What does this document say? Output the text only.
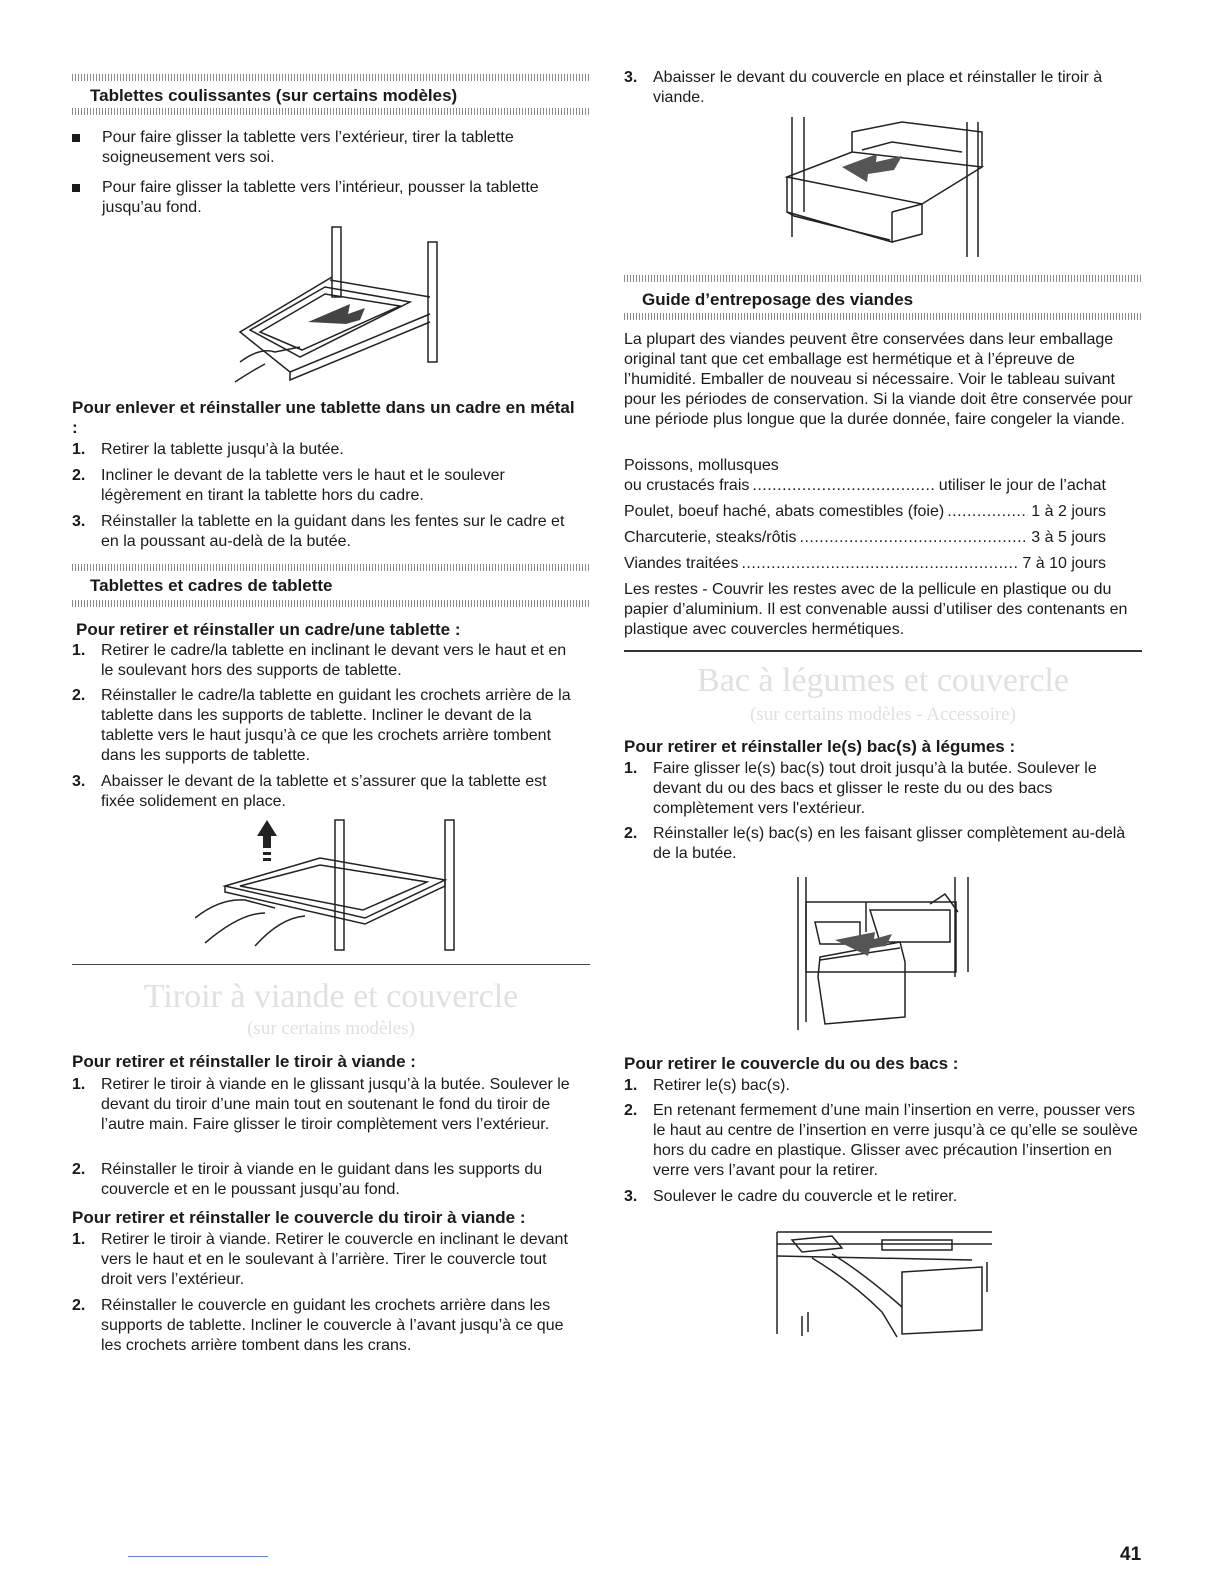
Tablettes coulissantes (sur certains modèles)
Pour faire glisser la tablette vers l’extérieur, tirer la tablette soigneusement vers soi.
Pour faire glisser la tablette vers l’intérieur, pousser la tablette jusqu’au fond.
Pour enlever et réinstaller une tablette dans un cadre en métal :
1. Retirer la tablette jusqu’à la butée.
2. Incliner le devant de la tablette vers le haut et le soulever légèrement en tirant la tablette hors du cadre.
3. Réinstaller la tablette en la guidant dans les fentes sur le cadre et en la poussant au-delà de la butée.
Tablettes et cadres de tablette
Pour retirer et réinstaller un cadre/une tablette :
1. Retirer le cadre/la tablette en inclinant le devant vers le haut et en le soulevant hors des supports de tablette.
2. Réinstaller le cadre/la tablette en guidant les crochets arrière de la tablette dans les supports de tablette. Incliner le devant de la tablette vers le haut jusqu’à ce que les crochets arrière tombent dans les supports de tablette.
3. Abaisser le devant de la tablette et s’assurer que la tablette est fixée solidement en place.
Tiroir à viande et couvercle
(sur certains modèles)
Pour retirer et réinstaller le tiroir à viande :
1. Retirer le tiroir à viande en le glissant jusqu’à la butée. Soulever le devant du tiroir d’une main tout en soutenant le fond du tiroir de l’autre main. Faire glisser le tiroir complètement vers l’extérieur.
2. Réinstaller le tiroir à viande en le guidant dans les supports du couvercle et en le poussant jusqu’au fond.
Pour retirer et réinstaller le couvercle du tiroir à viande :
1. Retirer le tiroir à viande. Retirer le couvercle en inclinant le devant vers le haut et en le soulevant à l’arrière. Tirer le couvercle tout droit vers l’extérieur.
2. Réinstaller le couvercle en guidant les crochets arrière dans les supports de tablette. Incliner le couvercle à l’avant jusqu’à ce que les crochets arrière tombent dans les crans.
3. Abaisser le devant du couvercle en place et réinstaller le tiroir à viande.
Guide d’entreposage des viandes
La plupart des viandes peuvent être conservées dans leur emballage original tant que cet emballage est hermétique et à l’épreuve de l’humidité. Emballer de nouveau si nécessaire. Voir le tableau suivant pour les périodes de conservation. Si la viande doit être conservée pour une période plus longue que la durée donnée, faire congeler la viande.
Poissons, mollusques
ou crustacés frais .....	utiliser le jour de l’achat
Poulet, boeuf haché, abats comestibles (foie) .....	1 à 2 jours
Charcuterie, steaks/rôtis .....	3 à 5 jours
Viandes traitées .....	7 à 10 jours
Les restes - Couvrir les restes avec de la pellicule en plastique ou du papier d’aluminium. Il est convenable aussi d’utiliser des contenants en plastique avec couvercles hermétiques.
Bac à légumes et couvercle
(sur certains modèles - Accessoire)
Pour retirer et réinstaller le(s) bac(s) à légumes :
1. Faire glisser le(s) bac(s) tout droit jusqu’à la butée. Soulever le devant du ou des bacs et glisser le reste du ou des bacs complètement vers l'extérieur.
2. Réinstaller le(s) bac(s) en les faisant glisser complètement au-delà de la butée.
Pour retirer le couvercle du ou des bacs :
1. Retirer le(s) bac(s).
2. En retenant fermement d’une main l’insertion en verre, pousser vers le haut au centre de l’insertion en verre jusqu’à ce qu’elle se soulève hors du cadre en plastique. Glisser avec précaution l’insertion en verre vers l’avant pour la retirer.
3. Soulever le cadre du couvercle et le retirer.
41
